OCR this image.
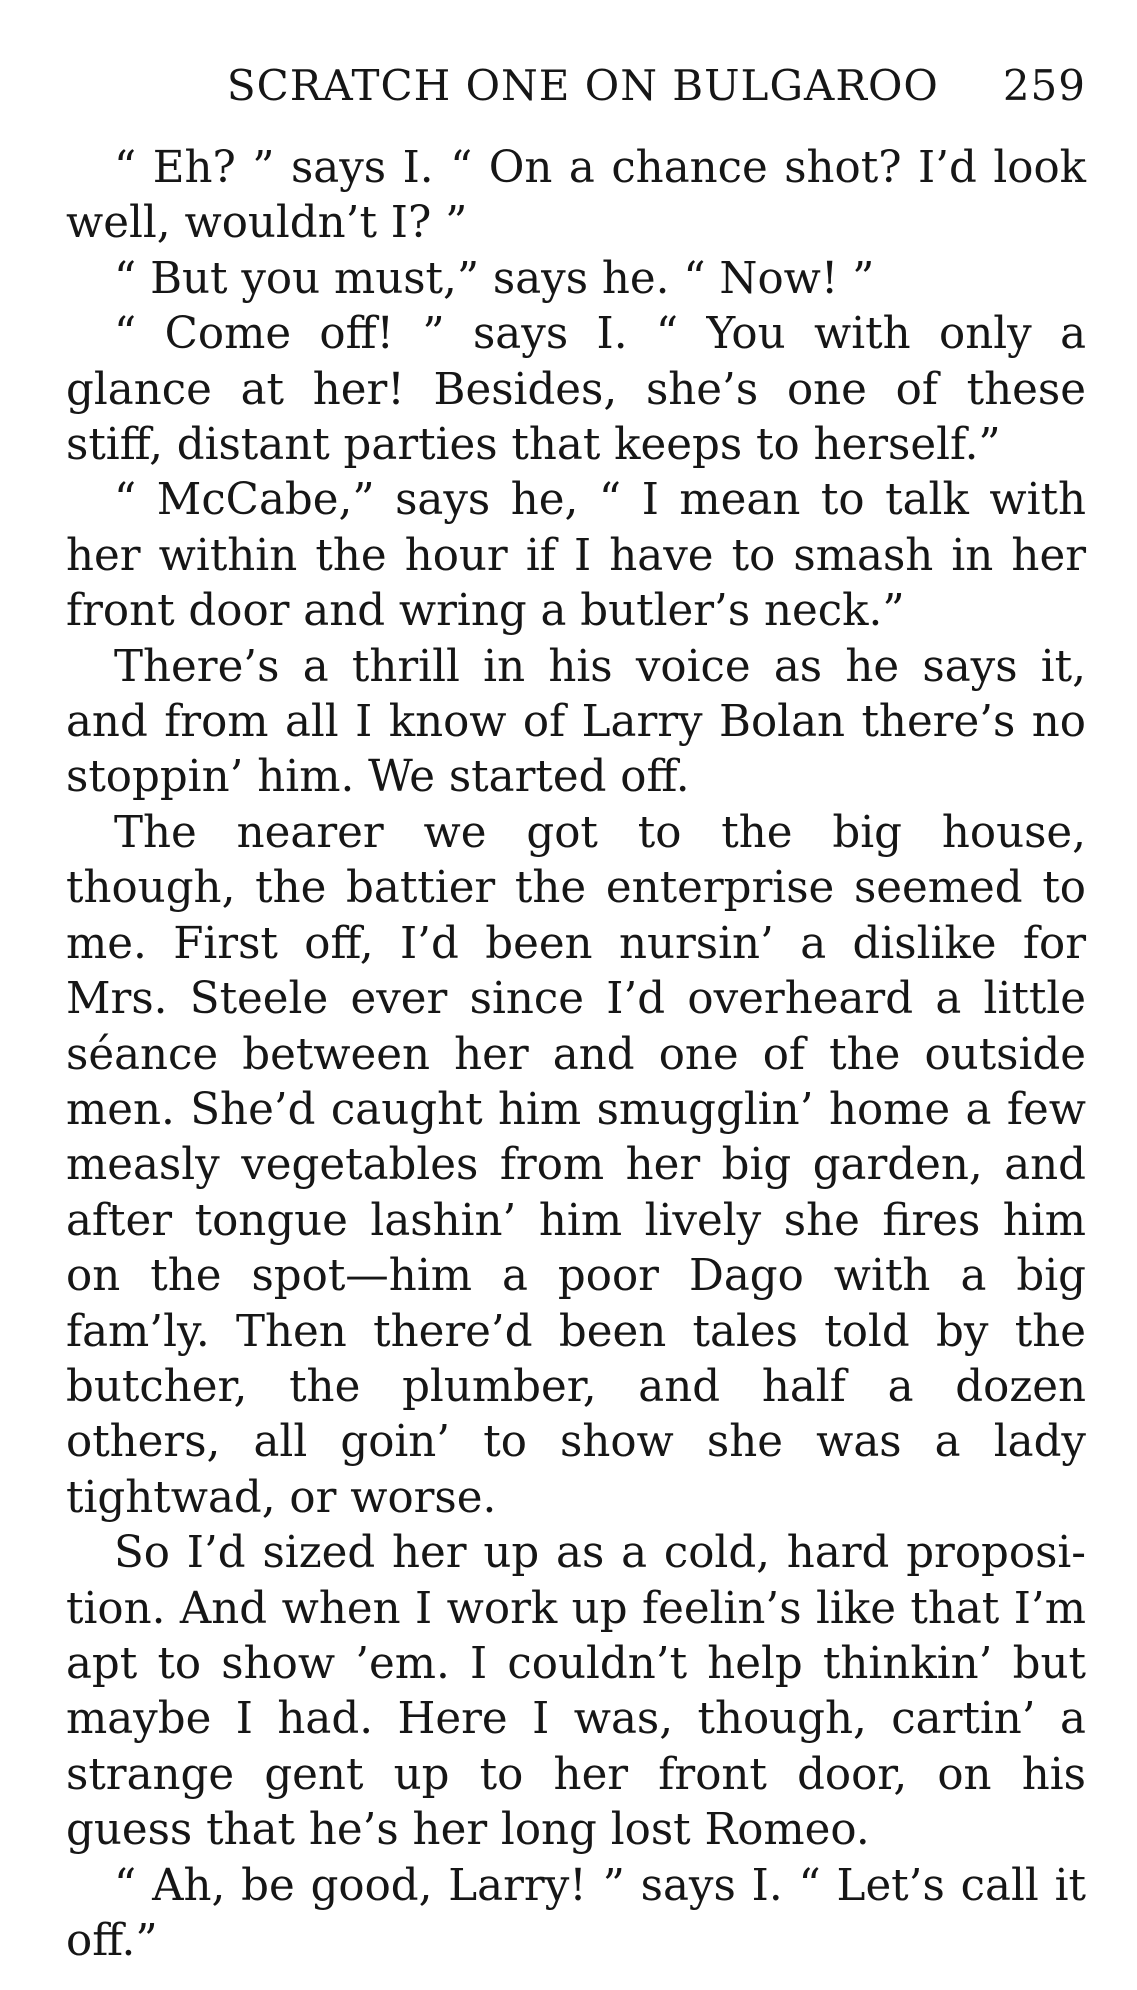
SCRATCH ONE ON BULGAROO 259

“ Eh? ” says I. “ On a chance shot? I’d look well, wouldn’t I? ”

“ But you must,” says he. “ Now! ”

“ Come off! ” says I. “ You with only a glance at her! Besides, she’s one of these stiff, distant parties that keeps to herself.”

“ McCabe,” says he, “ I mean to talk with her within the hour if I have to smash in her front door and wring a butler’s neck.”

There’s a thrill in his voice as he says it, and from all I know of Larry Bolan there’s no stoppin’ him. We started off.

The nearer we got to the big house, though, the battier the enterprise seemed to me. First off, I’d been nursin’ a dislike for Mrs. Steele ever since I’d overheard a little séance between her and one of the outside men. She’d caught him smugglin’ home a few measly vegetables from her big garden, and after tongue lashin’ him lively she fires him on the spot—him a poor Dago with a big fam’ly. Then there’d been tales told by the butcher, the plumber, and half a dozen others, all goin’ to show she was a lady tightwad, or worse.

So I’d sized her up as a cold, hard proposi-tion. And when I work up feelin’s like that I’m apt to show ’em. I couldn’t help thinkin’ but maybe I had. Here I was, though, cartin’ a strange gent up to her front door, on his guess that he’s her long lost Romeo.

“ Ah, be good, Larry! ” says I. “ Let’s call it off.”
